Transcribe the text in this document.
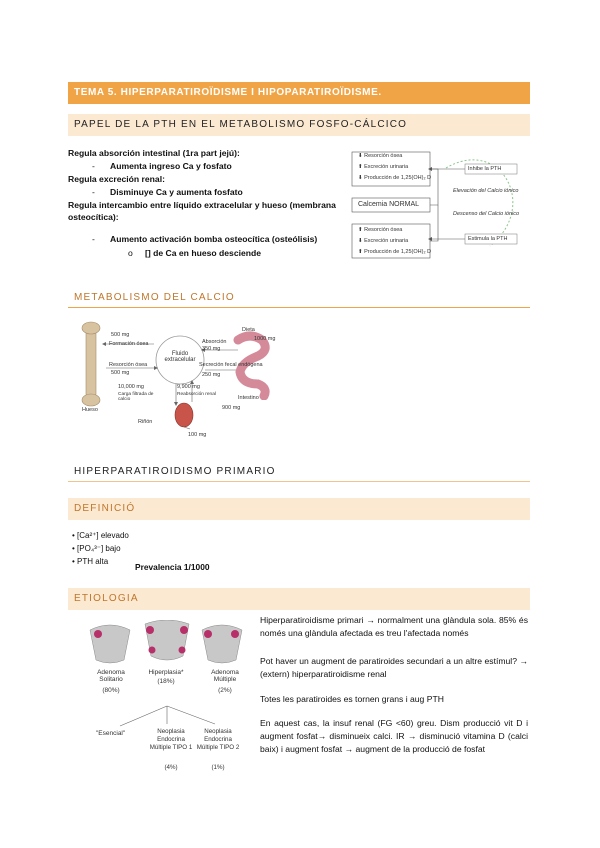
TEMA 5. HIPERPARATIROÏDISME I HIPOPARATIROÏDISME.
PAPEL DE LA PTH EN EL METABOLISMO FOSFO-CÁLCICO
Regula absorción intestinal (1ra part jejú):
- Aumenta ingreso Ca y fosfato
Regula excreción renal:
- Disminuye Ca y aumenta fosfato
Regula intercambio entre líquido extracelular y hueso (membrana osteocítica):
- Aumento activación bomba osteocítica (osteólisis)
o [] de Ca en hueso desciende
⬇ Resorción ósea
⬆ Excreción urinaria
⬇ Producción de 1,25(OH)₂ D
Calcemia NORMAL
⬆ Resorción ósea
⬇ Excreción urinaria
⬆ Producción de 1,25(OH)₂ D
Inhibe la PTH
Elevación del Calcio iónico
Descenso del Calcio iónico
Estimula la PTH
METABOLISMO DEL CALCIO
Dieta
1000 mg
Absorción
350 mg
Secreción fecal endógena
250 mg
500 mg
Formación ósea
Resorción ósea
500 mg
Fluido extracelular
10,000 mg
Carga filtrada de calcio
9,900 mg
Reabsorción renal
Intestino
900 mg
Hueso
Riñón
100 mg
HIPERPARATIROIDISMO PRIMARIO
DEFINICIÓ
• [Ca²⁺] elevado
• [PO₄³⁻] bajo
• PTH alta
Prevalencia 1/1000
ETIOLOGIA
Adenoma Solitario
(80%)
Hiperplasia*
(18%)
Adenoma Múltiple
(2%)
"Esencial"	Neoplasia Endocrina Múltiple TIPO 1
(4%)
Neoplasia Endocrina Múltiple TIPO 2
(1%)
Hiperparatiroidisme primari → normalment una glàndula sola. 85% és només una glàndula afectada es treu l'afectada només
Pot haver un augment de paratiroides secundari a un altre estímul? → (extern) hiperparatiroidisme renal
Totes les paratiroides es tornen grans i aug PTH
En aquest cas, la insuf renal (FG <60) greu. Dism producció vit D i augment fosfat→ disminueix calci. IR → disminució vitamina D (calci baix) i augment fosfat → augment de la producció de fosfat
